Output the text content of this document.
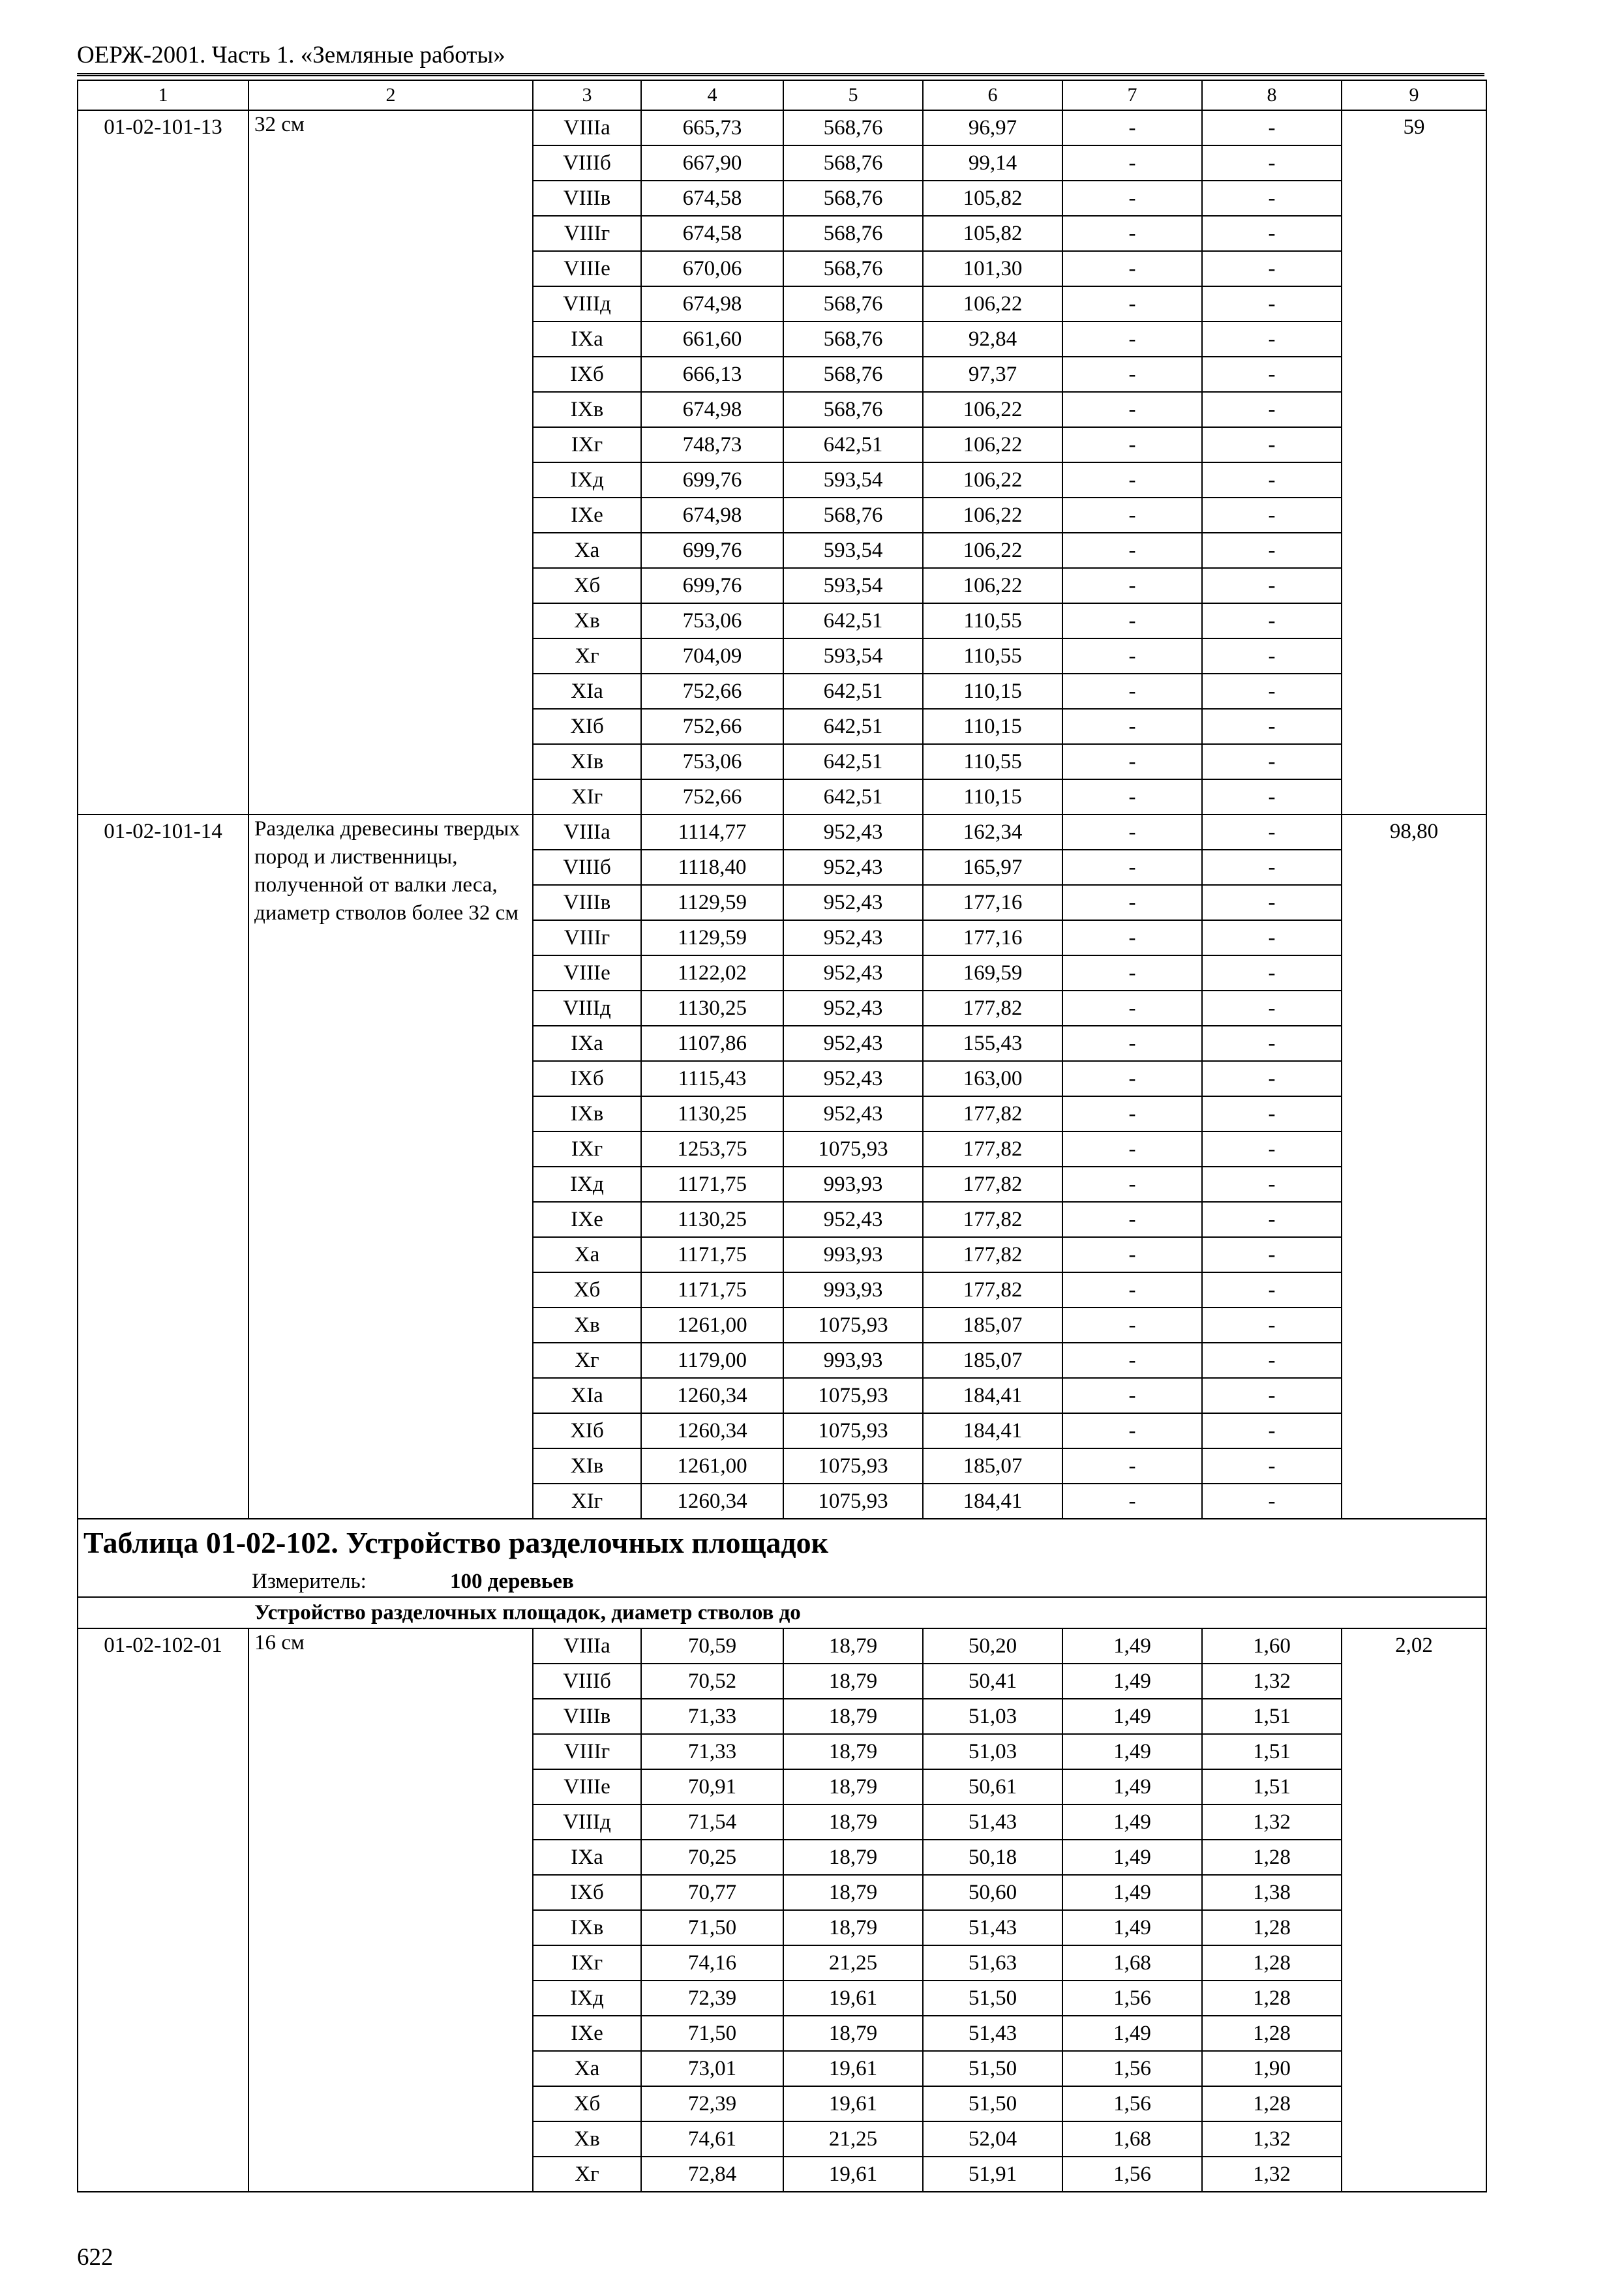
ОЕРЖ-2001. Часть 1. «Земляные работы»
1	2	3	4	5	6	7	8	9
01-02-101-13	32 см	VIIIа	665,73	568,76	96,97	-	-	59
		VIIIб	667,90	568,76	99,14	-	-	
		VIIIв	674,58	568,76	105,82	-	-	
		VIIIг	674,58	568,76	105,82	-	-	
		VIIIе	670,06	568,76	101,30	-	-	
		VIIIд	674,98	568,76	106,22	-	-	
		IXа	661,60	568,76	92,84	-	-	
		IXб	666,13	568,76	97,37	-	-	
		IXв	674,98	568,76	106,22	-	-	
		IXг	748,73	642,51	106,22	-	-	
		IXд	699,76	593,54	106,22	-	-	
		IXе	674,98	568,76	106,22	-	-	
		Xа	699,76	593,54	106,22	-	-	
		Xб	699,76	593,54	106,22	-	-	
		Xв	753,06	642,51	110,55	-	-	
		Xг	704,09	593,54	110,55	-	-	
		XIа	752,66	642,51	110,15	-	-	
		XIб	752,66	642,51	110,15	-	-	
		XIв	753,06	642,51	110,55	-	-	
		XIг	752,66	642,51	110,15	-	-	
01-02-101-14	Разделка древесины твердых пород и лиственницы, полученной от валки леса, диаметр стволов более 32 см	VIIIа	1114,77	952,43	162,34	-	-	98,80
		VIIIб	1118,40	952,43	165,97	-	-	
		VIIIв	1129,59	952,43	177,16	-	-	
		VIIIг	1129,59	952,43	177,16	-	-	
		VIIIе	1122,02	952,43	169,59	-	-	
		VIIIд	1130,25	952,43	177,82	-	-	
		IXа	1107,86	952,43	155,43	-	-	
		IXб	1115,43	952,43	163,00	-	-	
		IXв	1130,25	952,43	177,82	-	-	
		IXг	1253,75	1075,93	177,82	-	-	
		IXд	1171,75	993,93	177,82	-	-	
		IXе	1130,25	952,43	177,82	-	-	
		Xа	1171,75	993,93	177,82	-	-	
		Xб	1171,75	993,93	177,82	-	-	
		Xв	1261,00	1075,93	185,07	-	-	
		Xг	1179,00	993,93	185,07	-	-	
		XIа	1260,34	1075,93	184,41	-	-	
		XIб	1260,34	1075,93	184,41	-	-	
		XIв	1261,00	1075,93	185,07	-	-	
		XIг	1260,34	1075,93	184,41	-	-	
Таблица 01-02-102. Устройство разделочных площадок								
Измеритель: 100 деревьев								
Устройство разделочных площадок, диаметр стволов до								
01-02-102-01	16 см	VIIIа	70,59	18,79	50,20	1,49	1,60	2,02
		VIIIб	70,52	18,79	50,41	1,49	1,32	
		VIIIв	71,33	18,79	51,03	1,49	1,51	
		VIIIг	71,33	18,79	51,03	1,49	1,51	
		VIIIе	70,91	18,79	50,61	1,49	1,51	
		VIIIд	71,54	18,79	51,43	1,49	1,32	
		IXа	70,25	18,79	50,18	1,49	1,28	
		IXб	70,77	18,79	50,60	1,49	1,38	
		IXв	71,50	18,79	51,43	1,49	1,28	
		IXг	74,16	21,25	51,63	1,68	1,28	
		IXд	72,39	19,61	51,50	1,56	1,28	
		IXе	71,50	18,79	51,43	1,49	1,28	
		Xа	73,01	19,61	51,50	1,56	1,90	
		Xб	72,39	19,61	51,50	1,56	1,28	
		Xв	74,61	21,25	52,04	1,68	1,32	
		Xг	72,84	19,61	51,91	1,56	1,32	
622
